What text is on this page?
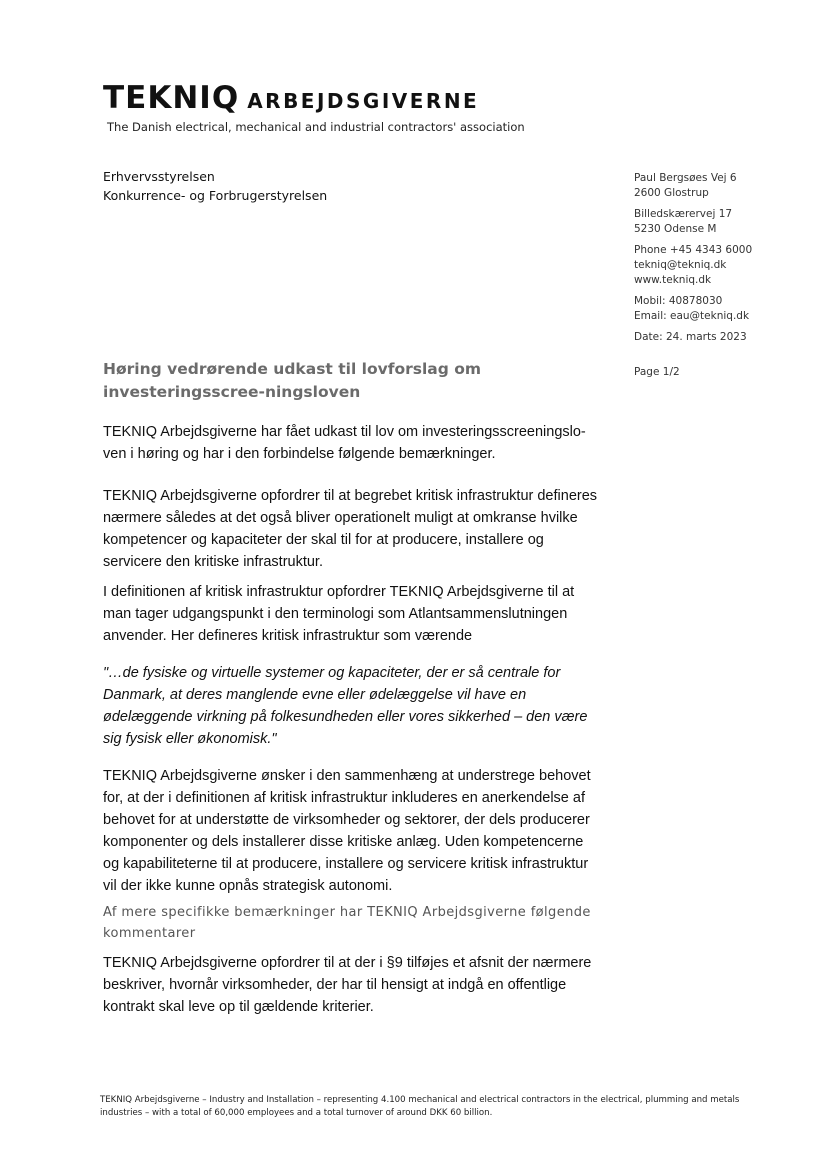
TEKNIQ ARBEJDSGIVERNE
The Danish electrical, mechanical and industrial contractors' association
Erhvervsstyrelsen
Konkurrence- og Forbrugerstyrelsen
Paul Bergsøes Vej 6
2600 Glostrup
Billedskærervej 17
5230 Odense M
Phone +45 4343 6000
tekniq@tekniq.dk
www.tekniq.dk
Mobil: 40878030
Email: eau@tekniq.dk
Date: 24. marts 2023
Page 1/2
Høring vedrørende udkast til lovforslag om investeringsscree-ningsloven

TEKNIQ Arbejdsgiverne har fået udkast til lov om investeringsscreeningslo-ven i høring og har i den forbindelse følgende bemærkninger.

TEKNIQ Arbejdsgiverne opfordrer til at begrebet kritisk infrastruktur defineres nærmere således at det også bliver operationelt muligt at omkranse hvilke kompetencer og kapaciteter der skal til for at producere, installere og servicere den kritiske infrastruktur.

I definitionen af kritisk infrastruktur opfordrer TEKNIQ Arbejdsgiverne til at man tager udgangspunkt i den terminologi som Atlantsammenslutningen anvender. Her defineres kritisk infrastruktur som værende

"…de fysiske og virtuelle systemer og kapaciteter, der er så centrale for Danmark, at deres manglende evne eller ødelæggelse vil have en ødelæggende virkning på folkesundheden eller vores sikkerhed – den være sig fysisk eller økonomisk."

TEKNIQ Arbejdsgiverne ønsker i den sammenhæng at understrege behovet for, at der i definitionen af kritisk infrastruktur inkluderes en anerkendelse af behovet for at understøtte de virksomheder og sektorer, der dels producerer komponenter og dels installerer disse kritiske anlæg. Uden kompetencerne og kapabiliteterne til at producere, installere og servicere kritisk infrastruktur vil der ikke kunne opnås strategisk autonomi.

Af mere specifikke bemærkninger har TEKNIQ Arbejdsgiverne følgende kommentarer

TEKNIQ Arbejdsgiverne opfordrer til at der i §9 tilføjes et afsnit der nærmere beskriver, hvornår virksomheder, der har til hensigt at indgå en offentlige kontrakt skal leve op til gældende kriterier.

TEKNIQ Arbejdsgiverne – Industry and Installation – representing 4.100 mechanical and electrical contractors in the electrical, plumming and metals industries – with a total of 60,000 employees and a total turnover of around DKK 60 billion.
